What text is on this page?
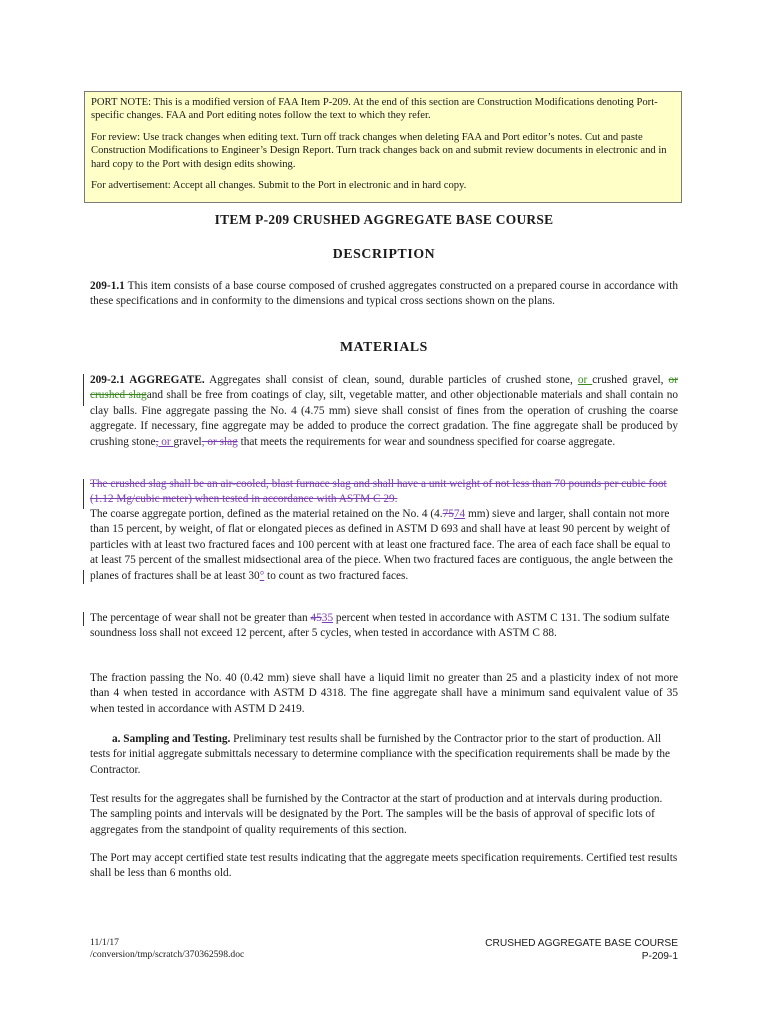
PORT NOTE: This is a modified version of FAA Item P-209. At the end of this section are Construction Modifications denoting Port-specific changes. FAA and Port editing notes follow the text to which they refer.

For review: Use track changes when editing text. Turn off track changes when deleting FAA and Port editor’s notes. Cut and paste Construction Modifications to Engineer’s Design Report. Turn track changes back on and submit review documents in electronic and in hard copy to the Port with design edits showing.

For advertisement: Accept all changes. Submit to the Port in electronic and in hard copy.

ITEM P-209 CRUSHED AGGREGATE BASE COURSE
DESCRIPTION

209-1.1 This item consists of a base course composed of crushed aggregates constructed on a prepared course in accordance with these specifications and in conformity to the dimensions and typical cross sections shown on the plans.

MATERIALS

209-2.1 AGGREGATE. Aggregates shall consist of clean, sound, durable particles of crushed stone, or crushed gravel, or crushed slagand shall be free from coatings of clay, silt, vegetable matter, and other objectionable materials and shall contain no clay balls. Fine aggregate passing the No. 4 (4.75 mm) sieve shall consist of fines from the operation of crushing the coarse aggregate. If necessary, fine aggregate may be added to produce the correct gradation. The fine aggregate shall be produced by crushing stone, or gravel, or slag that meets the requirements for wear and soundness specified for coarse aggregate.

The crushed slag shall be an air-cooled, blast furnace slag and shall have a unit weight of not less than 70 pounds per cubic foot (1.12 Mg/cubic meter) when tested in accordance with ASTM C 29.

The coarse aggregate portion, defined as the material retained on the No. 4 (4.7574 mm) sieve and larger, shall contain not more than 15 percent, by weight, of flat or elongated pieces as defined in ASTM D 693 and shall have at least 90 percent by weight of particles with at least two fractured faces and 100 percent with at least one fractured face. The area of each face shall be equal to at least 75 percent of the smallest midsectional area of the piece. When two fractured faces are contiguous, the angle between the planes of fractures shall be at least 30° to count as two fractured faces.

The percentage of wear shall not be greater than 4535 percent when tested in accordance with ASTM C 131. The sodium sulfate soundness loss shall not exceed 12 percent, after 5 cycles, when tested in accordance with ASTM C 88.

The fraction passing the No. 40 (0.42 mm) sieve shall have a liquid limit no greater than 25 and a plasticity index of not more than 4 when tested in accordance with ASTM D 4318. The fine aggregate shall have a minimum sand equivalent value of 35 when tested in accordance with ASTM D 2419.

a. Sampling and Testing. Preliminary test results shall be furnished by the Contractor prior to the start of production. All tests for initial aggregate submittals necessary to determine compliance with the specification requirements shall be made by the Contractor.

Test results for the aggregates shall be furnished by the Contractor at the start of production and at intervals during production. The sampling points and intervals will be designated by the Port. The samples will be the basis of approval of specific lots of aggregates from the standpoint of quality requirements of this section.

The Port may accept certified state test results indicating that the aggregate meets specification requirements. Certified test results shall be less than 6 months old.

11/1/17
/conversion/tmp/scratch/370362598.doc
CRUSHED AGGREGATE BASE COURSE
P-209-1
